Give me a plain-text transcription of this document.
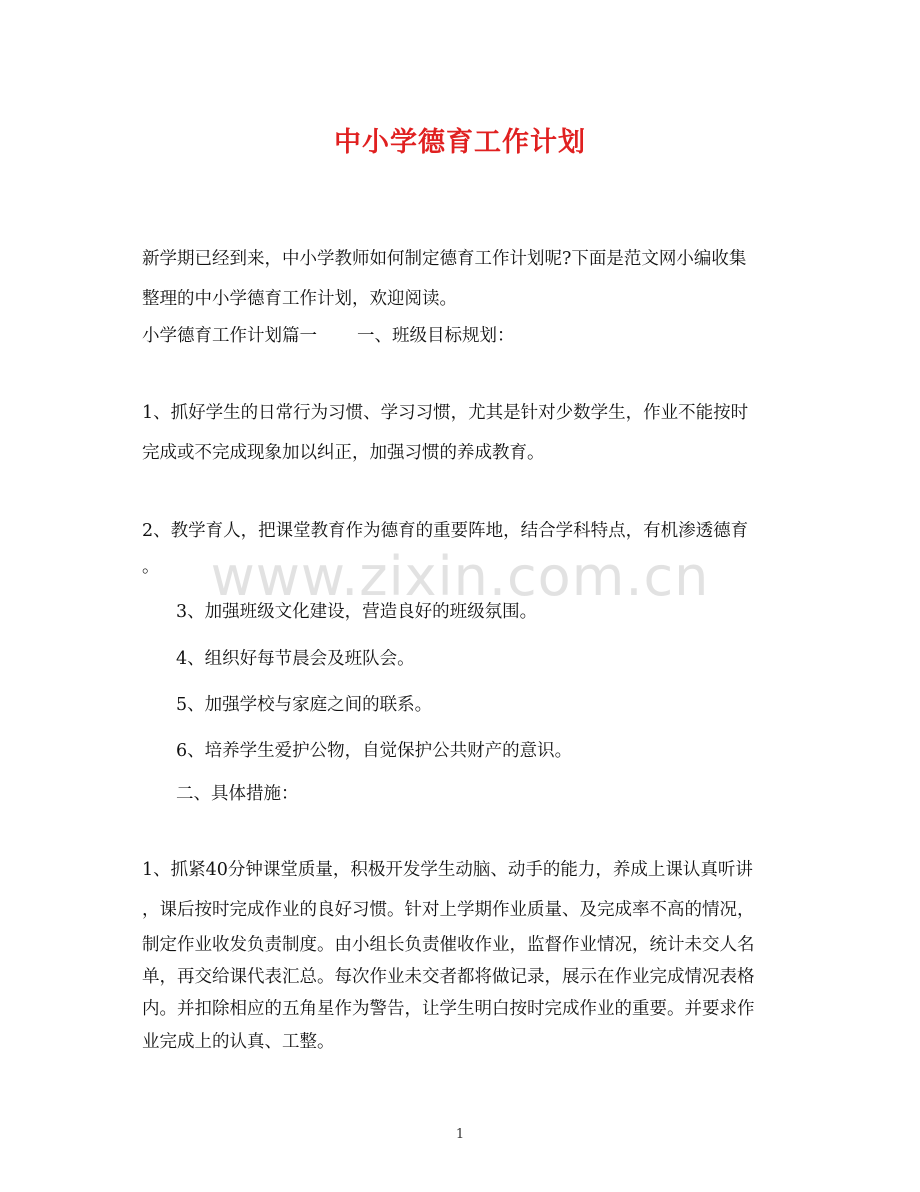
中小学德育工作计划
新学期已经到来，中小学教师如何制定德育工作计划呢?下面是范文网小编收集
整理的中小学德育工作计划，欢迎阅读。
小学德育工作计划篇一 一、班级目标规划：
1、抓好学生的日常行为习惯、学习习惯，尤其是针对少数学生，作业不能按时
完成或不完成现象加以纠正，加强习惯的养成教育。
2、教学育人，把课堂教育作为德育的重要阵地，结合学科特点，有机渗透德育
。
3、加强班级文化建设，营造良好的班级氛围。
4、组织好每节晨会及班队会。
5、加强学校与家庭之间的联系。
6、培养学生爱护公物，自觉保护公共财产的意识。
二、具体措施：
1、抓紧40分钟课堂质量，积极开发学生动脑、动手的能力，养成上课认真听讲
，课后按时完成作业的良好习惯。针对上学期作业质量、及完成率不高的情况，
制定作业收发负责制度。由小组长负责催收作业，监督作业情况，统计未交人名
单，再交给课代表汇总。每次作业未交者都将做记录，展示在作业完成情况表格
内。并扣除相应的五角星作为警告，让学生明白按时完成作业的重要。并要求作
业完成上的认真、工整。
www.zixin.com.cn
1
